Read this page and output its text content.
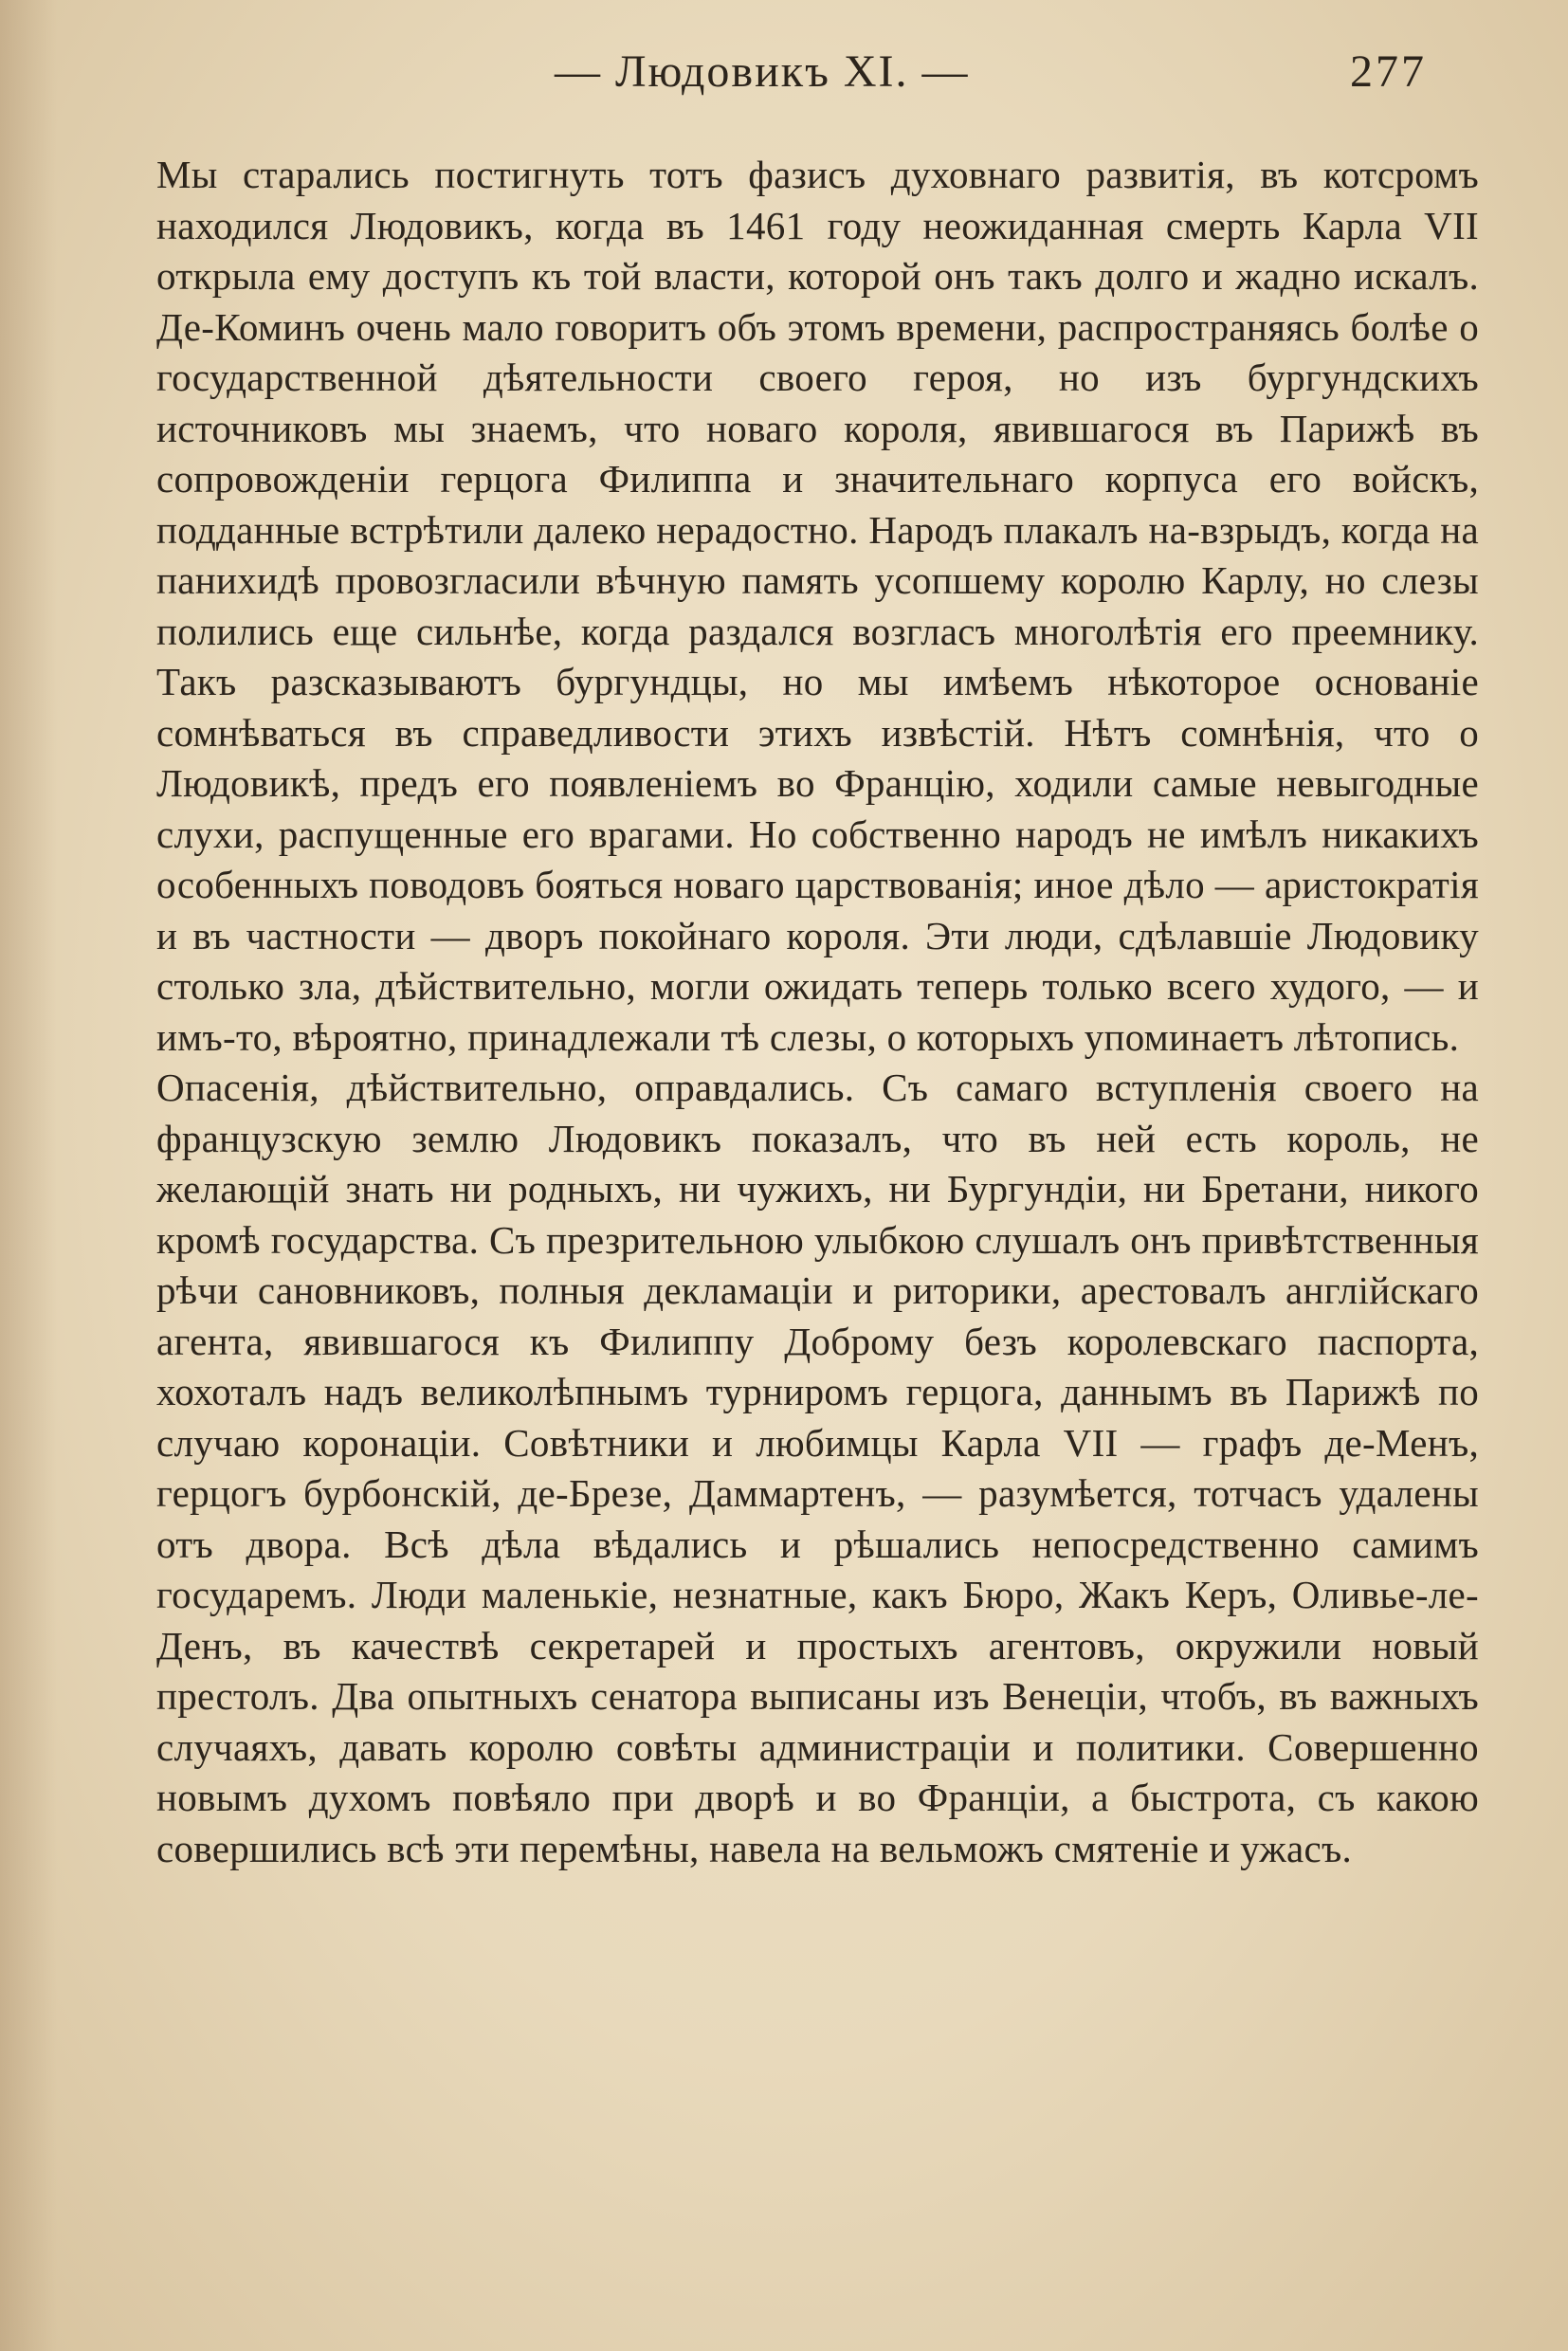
— Людовикъ XI. —	277

Мы старались постигнуть тотъ фазисъ духовнаго развитія, въ котсромъ находился Людовикъ, когда въ 1461 году неожиданная смерть Карла VII открыла ему доступъ къ той власти, которой онъ такъ долго и жадно искалъ. Де-Коминъ очень мало говоритъ объ этомъ времени, распространяясь болѣе о государственной дѣятельности своего героя, но изъ бургундскихъ источниковъ мы знаемъ, что новаго короля, явившагося въ Парижѣ въ сопровожденіи герцога Филиппа и значительнаго корпуса его войскъ, подданные встрѣтили далеко нерадостно. Народъ плакалъ на-взрыдъ, когда на панихидѣ провозгласили вѣчную память усопшему королю Карлу, но слезы полились еще сильнѣе, когда раздался возгласъ многолѣтія его преемнику. Такъ разсказываютъ бургундцы, но мы имѣемъ нѣкоторое основаніе сомнѣваться въ справедливости этихъ извѣстій. Нѣтъ сомнѣнія, что о Людовикѣ, предъ его появленіемъ во Францію, ходили самые невыгодные слухи, распущенные его врагами. Но собственно народъ не имѣлъ никакихъ особенныхъ поводовъ бояться новаго царствованія; иное дѣло — аристократія и въ частности — дворъ покойнаго короля. Эти люди, сдѣлавшіе Людовику столько зла, дѣйствительно, могли ожидать теперь только всего худого, — и имъ-то, вѣроятно, принадлежали тѣ слезы, о которыхъ упоминаетъ лѣтопись.

Опасенія, дѣйствительно, оправдались. Съ самаго вступленія своего на французскую землю Людовикъ показалъ, что въ ней есть король, не желающій знать ни родныхъ, ни чужихъ, ни Бургундіи, ни Бретани, никого кромѣ государства. Съ презрительною улыбкою слушалъ онъ привѣтственныя рѣчи сановниковъ, полныя декламаціи и риторики, арестовалъ англійскаго агента, явившагося къ Филиппу Доброму безъ королевскаго паспорта, хохоталъ надъ великолѣпнымъ турниромъ герцога, даннымъ въ Парижѣ по случаю коронаціи. Совѣтники и любимцы Карла VII — графъ де-Менъ, герцогъ бурбонскій, де-Брезе, Даммартенъ, — разумѣется, тотчасъ удалены отъ двора. Всѣ дѣла вѣдались и рѣшались непосредственно самимъ государемъ. Люди маленькіе, незнатные, какъ Бюро, Жакъ Керъ, Оливье-ле-Денъ, въ качествѣ секретарей и простыхъ агентовъ, окружили новый престолъ. Два опытныхъ сенатора выписаны изъ Венеціи, чтобъ, въ важныхъ случаяхъ, давать королю совѣты администраціи и политики. Совершенно новымъ духомъ повѣяло при дворѣ и во Франціи, а быстрота, съ какою совершились всѣ эти перемѣны, навела на вельможъ смятеніе и ужасъ.
